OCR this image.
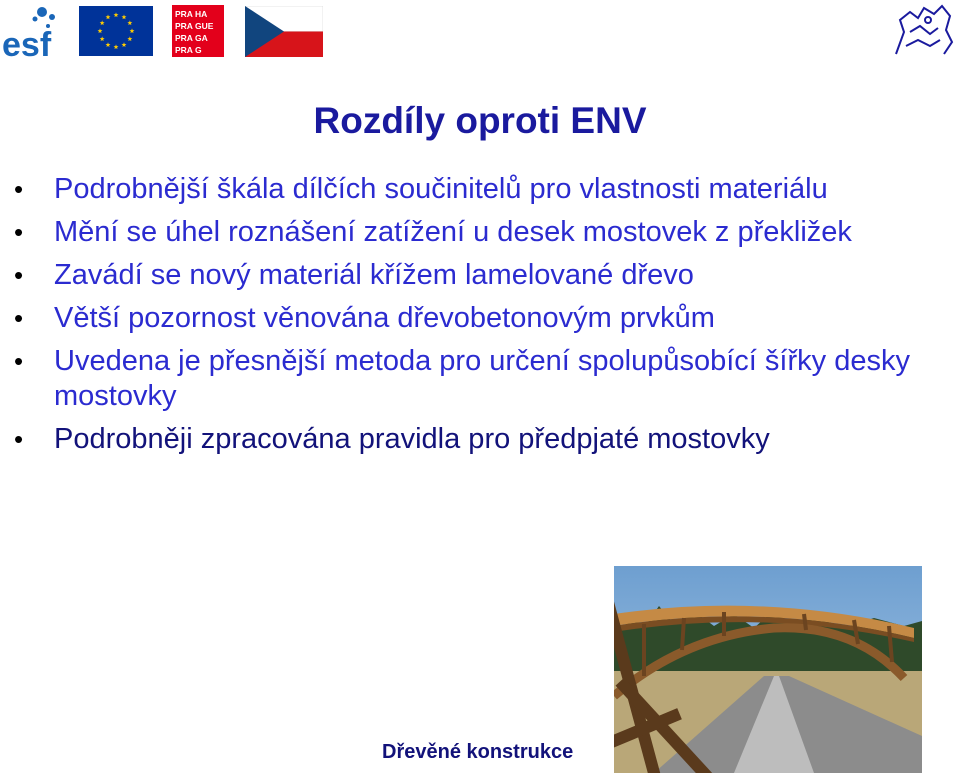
esf
PRA HA
PRA GUE
PRA GA
PRA G
Rozdíly oproti ENV
• Podrobnější škála dílčích součinitelů pro vlastnosti materiálu
• Mění se úhel roznášení zatížení u desek mostovek z překližek
• Zavádí se nový materiál křížem lamelované dřevo
• Větší pozornost věnována dřevobetonovým prvkům
• Uvedena je přesnější metoda pro určení spolupůsobící šířky desky mostovky
• Podrobněji zpracována pravidla pro předpjaté mostovky
Dřevěné konstrukce
